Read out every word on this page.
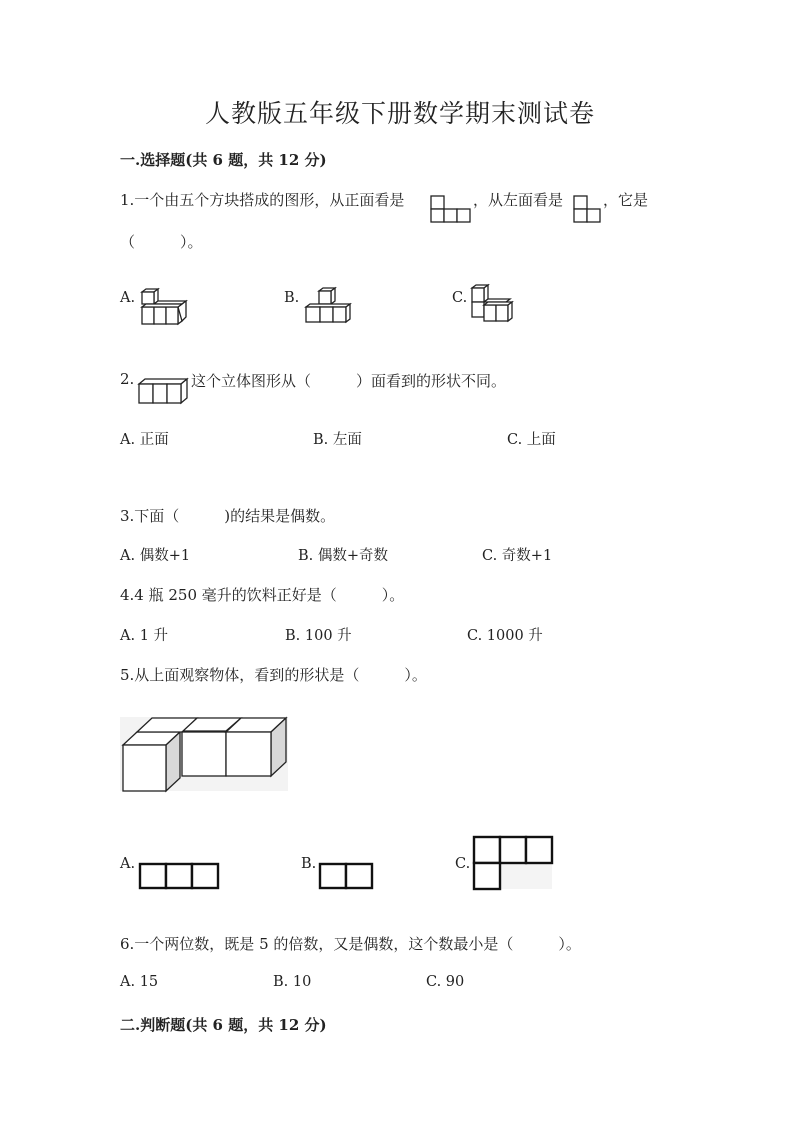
人教版五年级下册数学期末测试卷
一.选择题(共 6 题，共 12 分)
1.一个由五个方块搭成的图形，从正面看是	，从左面看是	，它是
（　　　）。
A.	B.	C.
2.	这个立体图形从（　　　）面看到的形状不同。
A. 正面	B. 左面	C. 上面
3.下面（　　　)的结果是偶数。
A. 偶数+1	B. 偶数+奇数	C. 奇数+1
4.4 瓶 250 毫升的饮料正好是（　　　）。
A. 1 升	B. 100 升	C. 1000 升
5.从上面观察物体，看到的形状是（　　　）。
A.	B.	C.
6.一个两位数，既是 5 的倍数，又是偶数，这个数最小是（　　　）。
A. 15	B. 10	C. 90
二.判断题(共 6 题，共 12 分)
